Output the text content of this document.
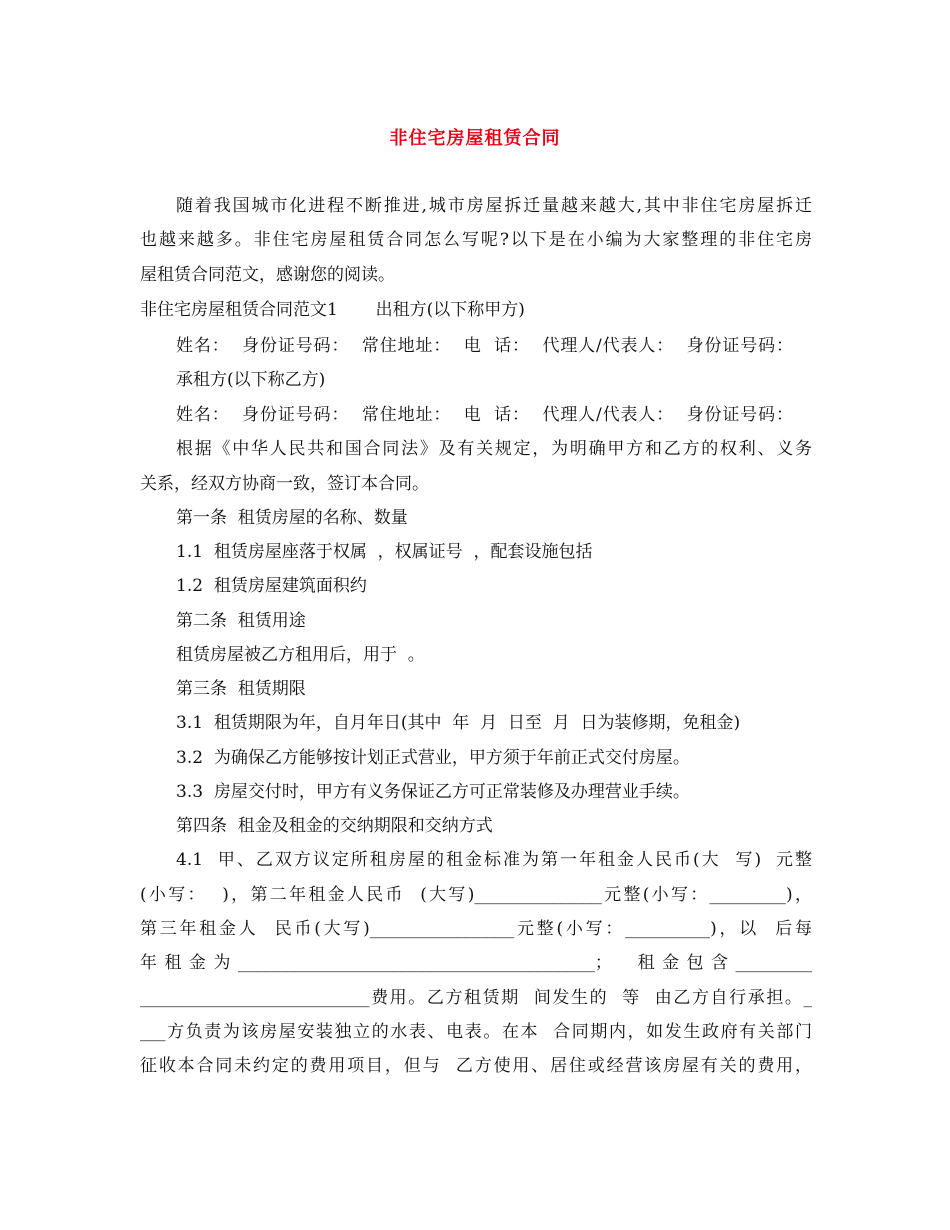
非住宅房屋租赁合同
随着我国城市化进程不断推进,城市房屋拆迁量越来越大,其中非住宅房屋拆迁
也越来越多。非住宅房屋租赁合同怎么写呢?以下是在小编为大家整理的非住宅房
屋租赁合同范文，感谢您的阅读。
非住宅房屋租赁合同范文1       出租方(以下称甲方)
姓名：  身份证号码：  常住地址：  电  话：  代理人/代表人：  身份证号码：
承租方(以下称乙方)
姓名：  身份证号码：  常住地址：  电  话：  代理人/代表人：  身份证号码：
根据《中华人民共和国合同法》及有关规定，为明确甲方和乙方的权利、义务
关系，经双方协商一致，签订本合同。
第一条  租赁房屋的名称、数量
1.1  租赁房屋座落于权属  ，权属证号  ，配套设施包括
1.2  租赁房屋建筑面积约
第二条  租赁用途
租赁房屋被乙方租用后，用于  。
第三条  租赁期限
3.1  租赁期限为年，自月年日(其中  年  月  日至  月  日为装修期，免租金)
3.2  为确保乙方能够按计划正式营业，甲方须于年前正式交付房屋。
3.3  房屋交付时，甲方有义务保证乙方可正常装修及办理营业手续。
第四条  租金及租金的交纳期限和交纳方式
4.1  甲、乙双方议定所租房屋的租金标准为第一年租金人民币(大  写)  元整
(小写：  )，第二年租金人民币  (大写)_______________元整(小写：_________)，
第三年租金人  民币(大写)_________________元整(小写：__________)，以  后每
年租金为__________________________________________；  租金包含_________
___________________________费用。乙方租赁期  间发生的  等  由乙方自行承担。_
___方负责为该房屋安装独立的水表、电表。在本  合同期内，如发生政府有关部门
征收本合同未约定的费用项目，但与  乙方使用、居住或经营该房屋有关的费用，
